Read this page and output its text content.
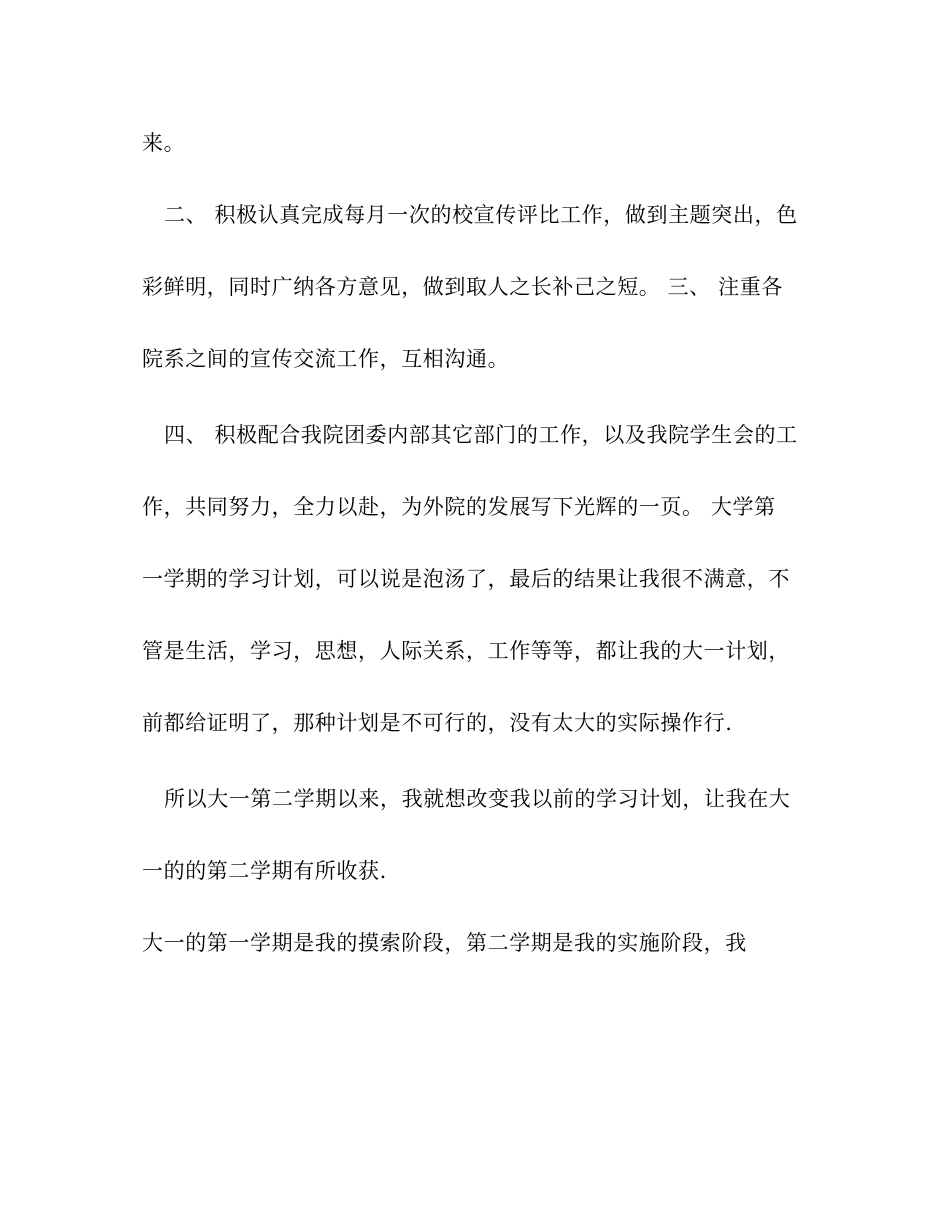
来。

二、 积极认真完成每月一次的校宣传评比工作，做到主题突出，色

彩鲜明，同时广纳各方意见，做到取人之长补己之短。 三、 注重各

院系之间的宣传交流工作，互相沟通。

四、 积极配合我院团委内部其它部门的工作，以及我院学生会的工

作，共同努力，全力以赴，为外院的发展写下光辉的一页。 大学第

一学期的学习计划，可以说是泡汤了，最后的结果让我很不满意，不

管是生活，学习，思想，人际关系，工作等等，都让我的大一计划，

前都给证明了，那种计划是不可行的，没有太大的实际操作行.

所以大一第二学期以来，我就想改变我以前的学习计划，让我在大

一的的第二学期有所收获.

大一的第一学期是我的摸索阶段，第二学期是我的实施阶段，我
